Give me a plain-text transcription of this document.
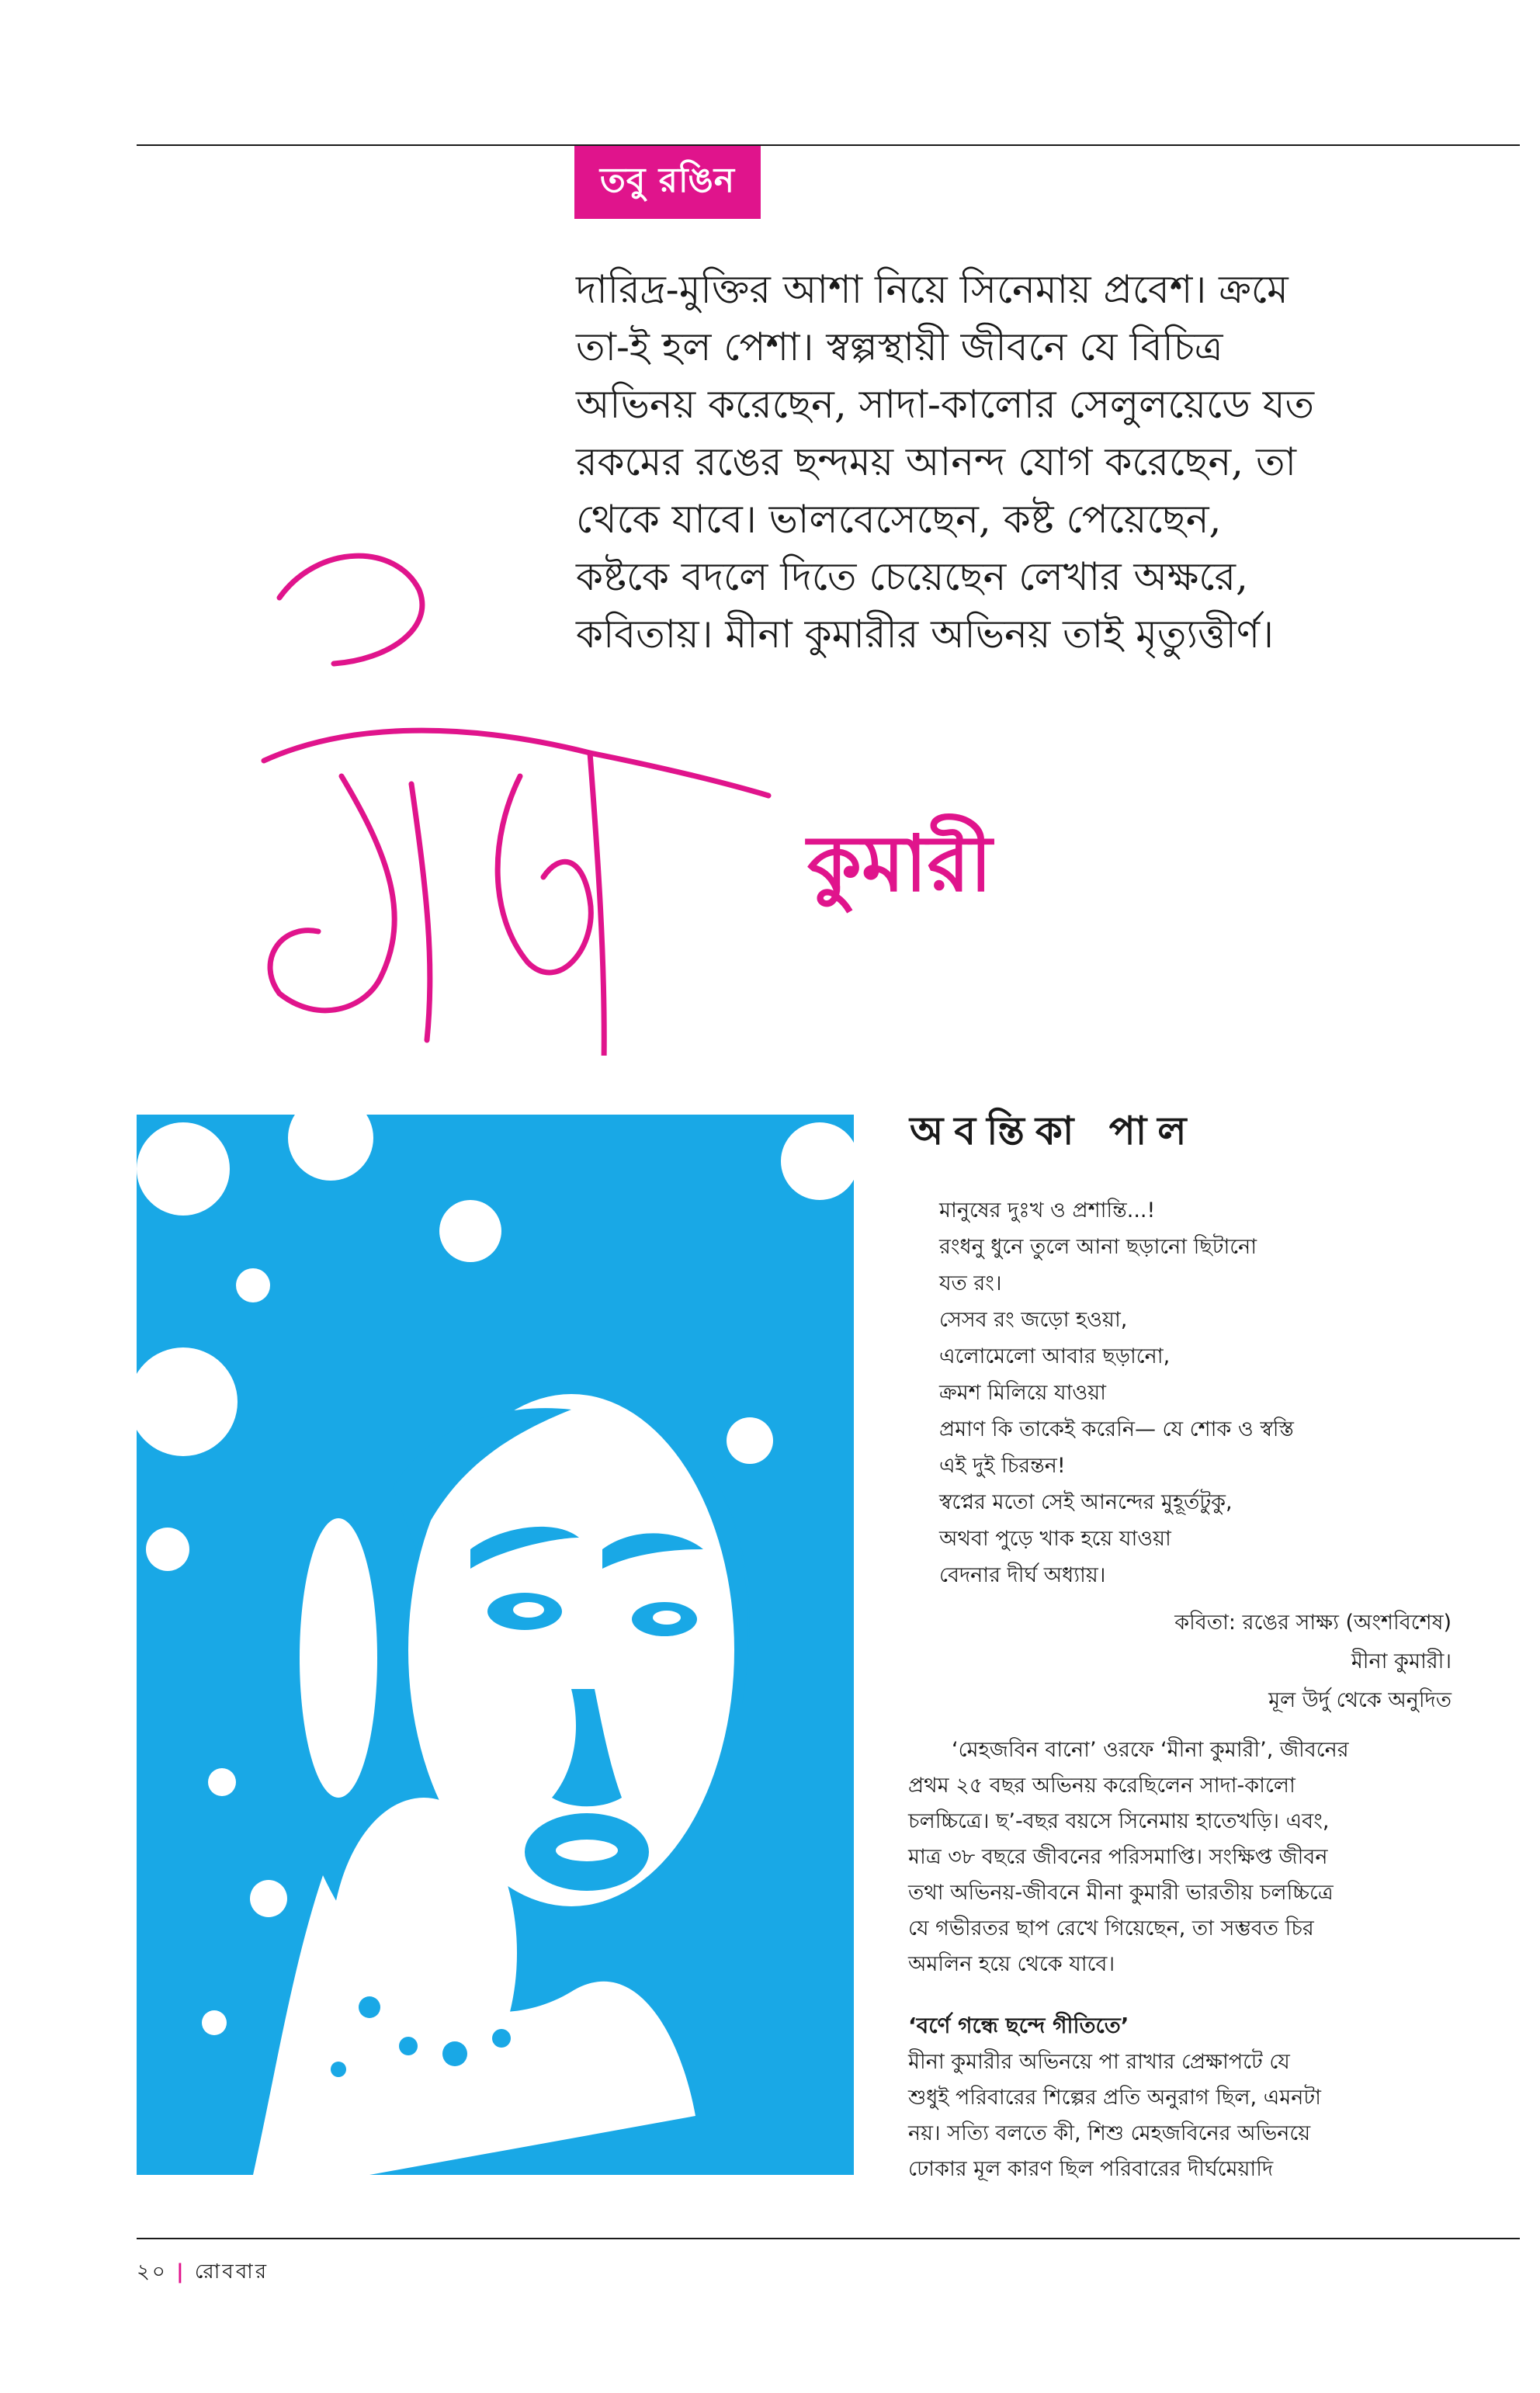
তবু রঙিন

দারিদ্র-মুক্তির আশা নিয়ে সিনেমায় প্রবেশ। ক্রমে

তা-ই হল পেশা। স্বল্পস্থায়ী জীবনে যে বিচিত্র

অভিনয় করেছেন, সাদা-কালোর সেলুলয়েডে যত

রকমের রঙের ছন্দময় আনন্দ যোগ করেছেন, তা

থেকে যাবে। ভালবেসেছেন, কষ্ট পেয়েছেন,

কষ্টকে বদলে দিতে চেয়েছেন লেখার অক্ষরে,

কবিতায়। মীনা কুমারীর অভিনয় তাই মৃত্যুত্তীর্ণ।

কুমারী
অবন্তিকা পাল

মানুষের দুঃখ ও প্রশান্তি...!

রংধনু ধুনে তুলে আনা ছড়ানো ছিটানো

যত রং।

সেসব রং জড়ো হওয়া,

এলোমেলো আবার ছড়ানো,

ক্রমশ মিলিয়ে যাওয়া

প্রমাণ কি তাকেই করেনি— যে শোক ও স্বস্তি

এই দুই চিরন্তন!

স্বপ্নের মতো সেই আনন্দের মুহূর্তটুকু,

অথবা পুড়ে খাক হয়ে যাওয়া

বেদনার দীর্ঘ অধ্যায়।

কবিতা: রঙের সাক্ষ্য (অংশবিশেষ)

মীনা কুমারী।

মূল উর্দু থেকে অনুদিত

‘মেহজবিন বানো’ ওরফে ‘মীনা কুমারী’, জীবনের

প্রথম ২৫ বছর অভিনয় করেছিলেন সাদা-কালো

চলচ্চিত্রে। ছ’-বছর বয়সে সিনেমায় হাতেখড়ি। এবং,

মাত্র ৩৮ বছরে জীবনের পরিসমাপ্তি। সংক্ষিপ্ত জীবন

তথা অভিনয়-জীবনে মীনা কুমারী ভারতীয় চলচ্চিত্রে

যে গভীরতর ছাপ রেখে গিয়েছেন, তা সম্ভবত চির

অমলিন হয়ে থেকে যাবে।

‘বর্ণে গন্ধে ছন্দে গীতিতে’

মীনা কুমারীর অভিনয়ে পা রাখার প্রেক্ষাপটে যে

শুধুই পরিবারের শিল্পের প্রতি অনুরাগ ছিল, এমনটা

নয়। সত্যি বলতে কী, শিশু মেহজবিনের অভিনয়ে

ঢোকার মূল কারণ ছিল পরিবারের দীর্ঘমেয়াদি

২০ | রোববার
